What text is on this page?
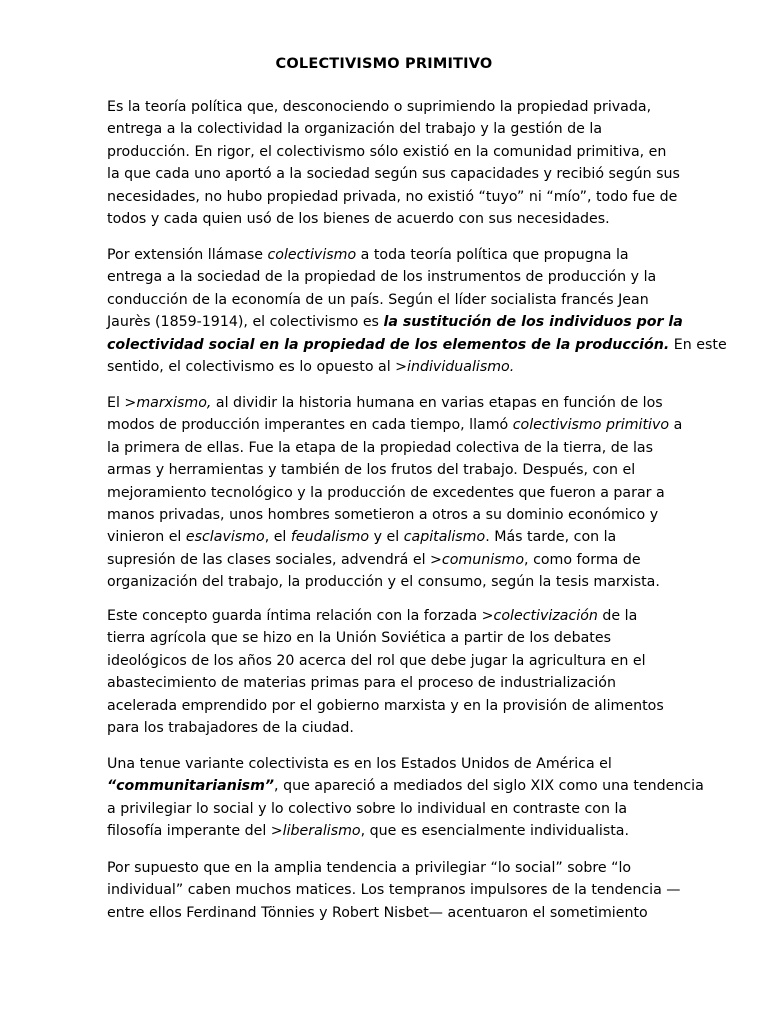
COLECTIVISMO PRIMITIVO
Es la teoría política que, desconociendo o suprimiendo la propiedad privada,
entrega a la colectividad la organización del trabajo y la gestión de la
producción. En rigor, el colectivismo sólo existió en la comunidad primitiva, en
la que cada uno aportó a la sociedad según sus capacidades y recibió según sus
necesidades, no hubo propiedad privada, no existió “tuyo” ni “mío”, todo fue de
todos y cada quien usó de los bienes de acuerdo con sus necesidades.
Por extensión llámase colectivismo a toda teoría política que propugna la
entrega a la sociedad de la propiedad de los instrumentos de producción y la
conducción de la economía de un país. Según el líder socialista francés Jean
Jaurès (1859-1914), el colectivismo es la sustitución de los individuos por la
colectividad social en la propiedad de los elementos de la producción. En este
sentido, el colectivismo es lo opuesto al >individualismo.
El >marxismo, al dividir la historia humana en varias etapas en función de los
modos de producción imperantes en cada tiempo, llamó colectivismo primitivo a
la primera de ellas. Fue la etapa de la propiedad colectiva de la tierra, de las
armas y herramientas y también de los frutos del trabajo. Después, con el
mejoramiento tecnológico y la producción de excedentes que fueron a parar a
manos privadas, unos hombres sometieron a otros a su dominio económico y
vinieron el esclavismo, el feudalismo y el capitalismo. Más tarde, con la
supresión de las clases sociales, advendrá el >comunismo, como forma de
organización del trabajo, la producción y el consumo, según la tesis marxista.
Este concepto guarda íntima relación con la forzada >colectivización de la
tierra agrícola que se hizo en la Unión Soviética a partir de los debates
ideológicos de los años 20 acerca del rol que debe jugar la agricultura en el
abastecimiento de materias primas para el proceso de industrialización
acelerada emprendido por el gobierno marxista y en la provisión de alimentos
para los trabajadores de la ciudad.
Una tenue variante colectivista es en los Estados Unidos de América el
“communitarianism”, que apareció a mediados del siglo XIX como una tendencia
a privilegiar lo social y lo colectivo sobre lo individual en contraste con la
filosofía imperante del >liberalismo, que es esencialmente individualista.
Por supuesto que en la amplia tendencia a privilegiar “lo social” sobre “lo
individual” caben muchos matices. Los tempranos impulsores de la tendencia —
entre ellos Ferdinand Tönnies y Robert Nisbet— acentuaron el sometimiento
